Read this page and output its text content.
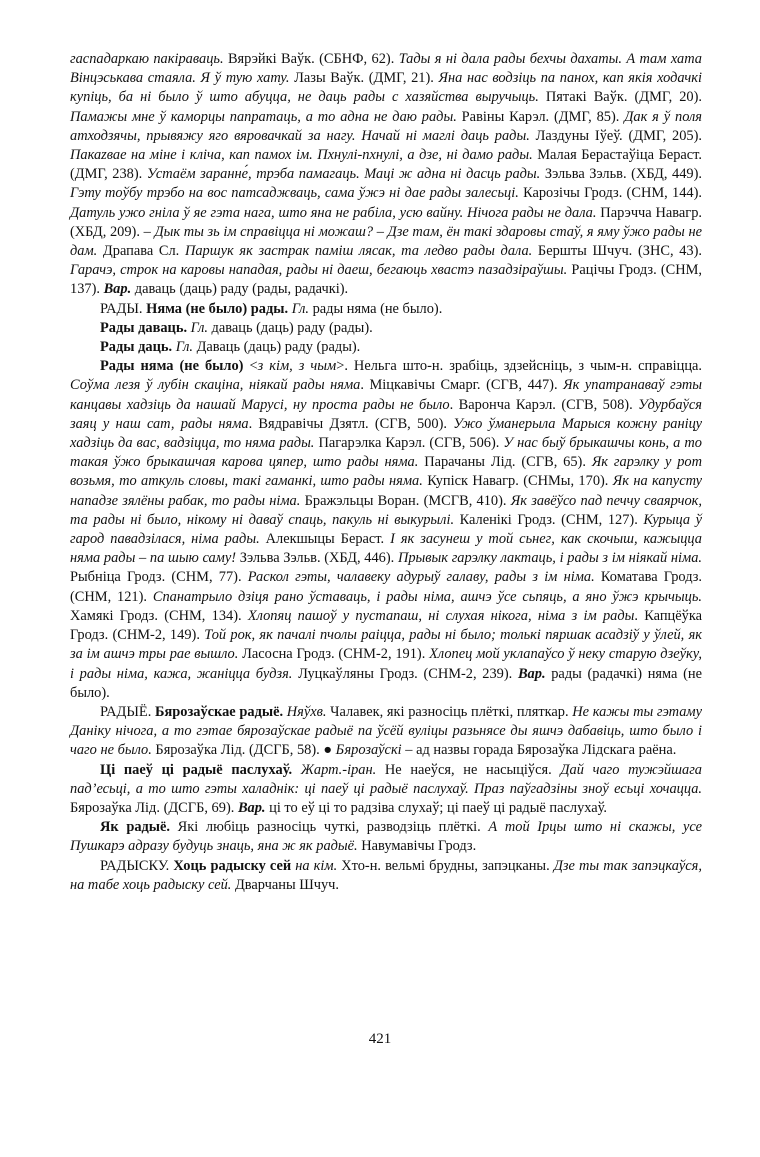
гаспадаркаю пакіраваць. Вярэйкі Ваўк. (СБНФ, 62). Тады я ні дала рады бехчы дахаты. А там хата Вінцэськава стаяла. Я ў тую хату. Лазы Ваўк. (ДМГ, 21). Яна нас водзіць па панох, кап якія ходачкі купіць, ба ні было ў што абуцца, не даць рады с хазяйства выручыць. Пятакі Ваўк. (ДМГ, 20). Памажы мне ў каморцы папратаць, а то адна не даю рады. Равіны Карэл. (ДМГ, 85). Дак я ў поля атходзячы, прывяжу яго вяровачкай за нагу. Начай ні маглі даць рады. Лаздуны Іўеў. (ДМГ, 205). Пакаzвае на міне і кліча, кап памох ім. Пхнулі-пхнулі, а дзе, ні дамо рады. Малая Берастаўіца Бераст. (ДМГ, 238). Устаём заранне́, трэба памагаць. Маці ж адна ні дасць рады. Зэльва Зэльв. (ХБД, 449). Гэту тоўбу трэбо на вос патсаджваць, сама ўжэ ні дае рады залесьці. Карозічы Гродз. (СНМ, 144). Датуль ужо гніла ў яе гэта нага, што яна не рабіла, усю вайну. Нічога рады не дала. Парэчча Навагр. (ХБД, 209). – Дык ты зь ім справіцца ні можаш? – Дзе там, ён такі здаровы стаў, я яму ўжо рады не дам. Драпава Сл. Паршук як застрак паміш лясак, та ледво рады дала. Бершты Шчуч. (ЗНС, 43). Гарачэ, строк на каровы нападая, рады ні даеш, бегаюць хвастэ пазадзіраўшы. Рацічы Гродз. (СНМ, 137). Вар. даваць (даць) раду (рады, радачкі).

РАДЫ. Няма (не было) рады. Гл. рады няма (не было).

Рады даваць. Гл. даваць (даць) раду (рады).

Рады даць. Гл. Даваць (даць) раду (рады).

Рады няма (не было) <з кім, з чым>. Нельга што-н. зрабіць, здзейсніць, з чым-н. справіцца. Соўма лезя ў лубін скаціна, ніякай рады няма. Міцкавічы Смарг. (СГВ, 447). Як упатранаваў гэты канцавы хадзіць да нашай Марусі, ну проста рады не было. Варонча Карэл. (СГВ, 508). Удурбаўся заяц у наш сат, рады няма. Вядравічы Дзятл. (СГВ, 500). Ужо ўманерыла Марыся кожну раніцу хадзіць да вас, вадзіцца, то няма рады. Пагарэлка Карэл. (СГВ, 506). У нас быў брыкашчы конь, а то такая ўжо брыкашчая карова цяпер, што рады няма. Парачаны Лід. (СГВ, 65). Як гарэлку у рот возьмя, то аткуль словы, такі гаманкі, што рады няма. Купіск Навагр. (СНМы, 170). Як на капусту нападзе зялёны рабак, то рады німа. Бражэльцы Воран. (МСГВ, 410). Як завёўсо пад печчу сваярчок, та рады ні было, нікому ні даваў спаць, пакуль ні выкурылі. Каленікі Гродз. (СНМ, 127). Курыца ў гарод павадзілася, німа рады. Алекшыцы Бераст. І як засунеш у той сьнег, как скочыш, кажыцца няма рады – па шыю саму! Зэльва Зэльв. (ХБД, 446). Прывык гарэлку лактаць, і рады з ім ніякай німа. Рыбніца Гродз. (СНМ, 77). Раскол гэты, чалавеку адурыў галаву, рады з ім німа. Коматава Гродз. (СНМ, 121). Спанатрыло дзіця рано ўставаць, і рады німа, ашчэ ўсе сьпяць, а яно ўжэ крычыць. Хамякі Гродз. (СНМ, 134). Хлопяц пашоў у пустапаш, ні слухая нікога, німа з ім рады. Капцёўка Гродз. (СНМ-2, 149). Той рок, як пачалі пчолы раіцца, рады ні было; толькі пяршак асадзіў у ўлей, як за ім ашчэ тры рае вышло. Ласосна Гродз. (СНМ-2, 191). Хлопец мой уклапаўсо ў неку старую дзеўку, і рады німа, кажа, жаніцца будзя. Луцкаўляны Гродз. (СНМ-2, 239). Вар. рады (радачкі) няма (не было).

РАДЫЁ. Бярозаўскае радыё. Няўхв. Чалавек, які разносіць плёткі, пляткар. Не кажы ты гэтаму Даніку нічога, а то гэтае бярозаўскае радыё па ўсёй вуліцы разьнясе ды яшчэ дабавіць, што было і чаго не было. Бярозаўка Лід. (ДСГБ, 58). ● Бярозаўскі – ад назвы горада Бярозаўка Лідскага раёна.

Ці паеў ці радыё паслухаў. Жарт.-іран. Не наеўся, не насыціўся. Дай чаго тужэйшага пад’есьці, а то што гэты халаднік: ці паеў ці радыё паслухаў. Праз паўгадзіны зноў есьці хочацца. Бярозаўка Лід. (ДСГБ, 69). Вар. ці то еў ці то радзіва слухаў; ці паеў ці радыё паслухаў.

Як радыё. Які любіць разносіць чуткі, разводзіць плёткі. А той Ірцы што ні скажы, усе Пушкарэ адразу будуць знаць, яна ж як радыё. Навумавічы Гродз.

РАДЫСКУ. Хоць радыску сей на кім. Хто-н. вельмі брудны, запэцканы. Дзе ты так запэцкаўся, на табе хоць радыску сей. Дварчаны Шчуч.

421
